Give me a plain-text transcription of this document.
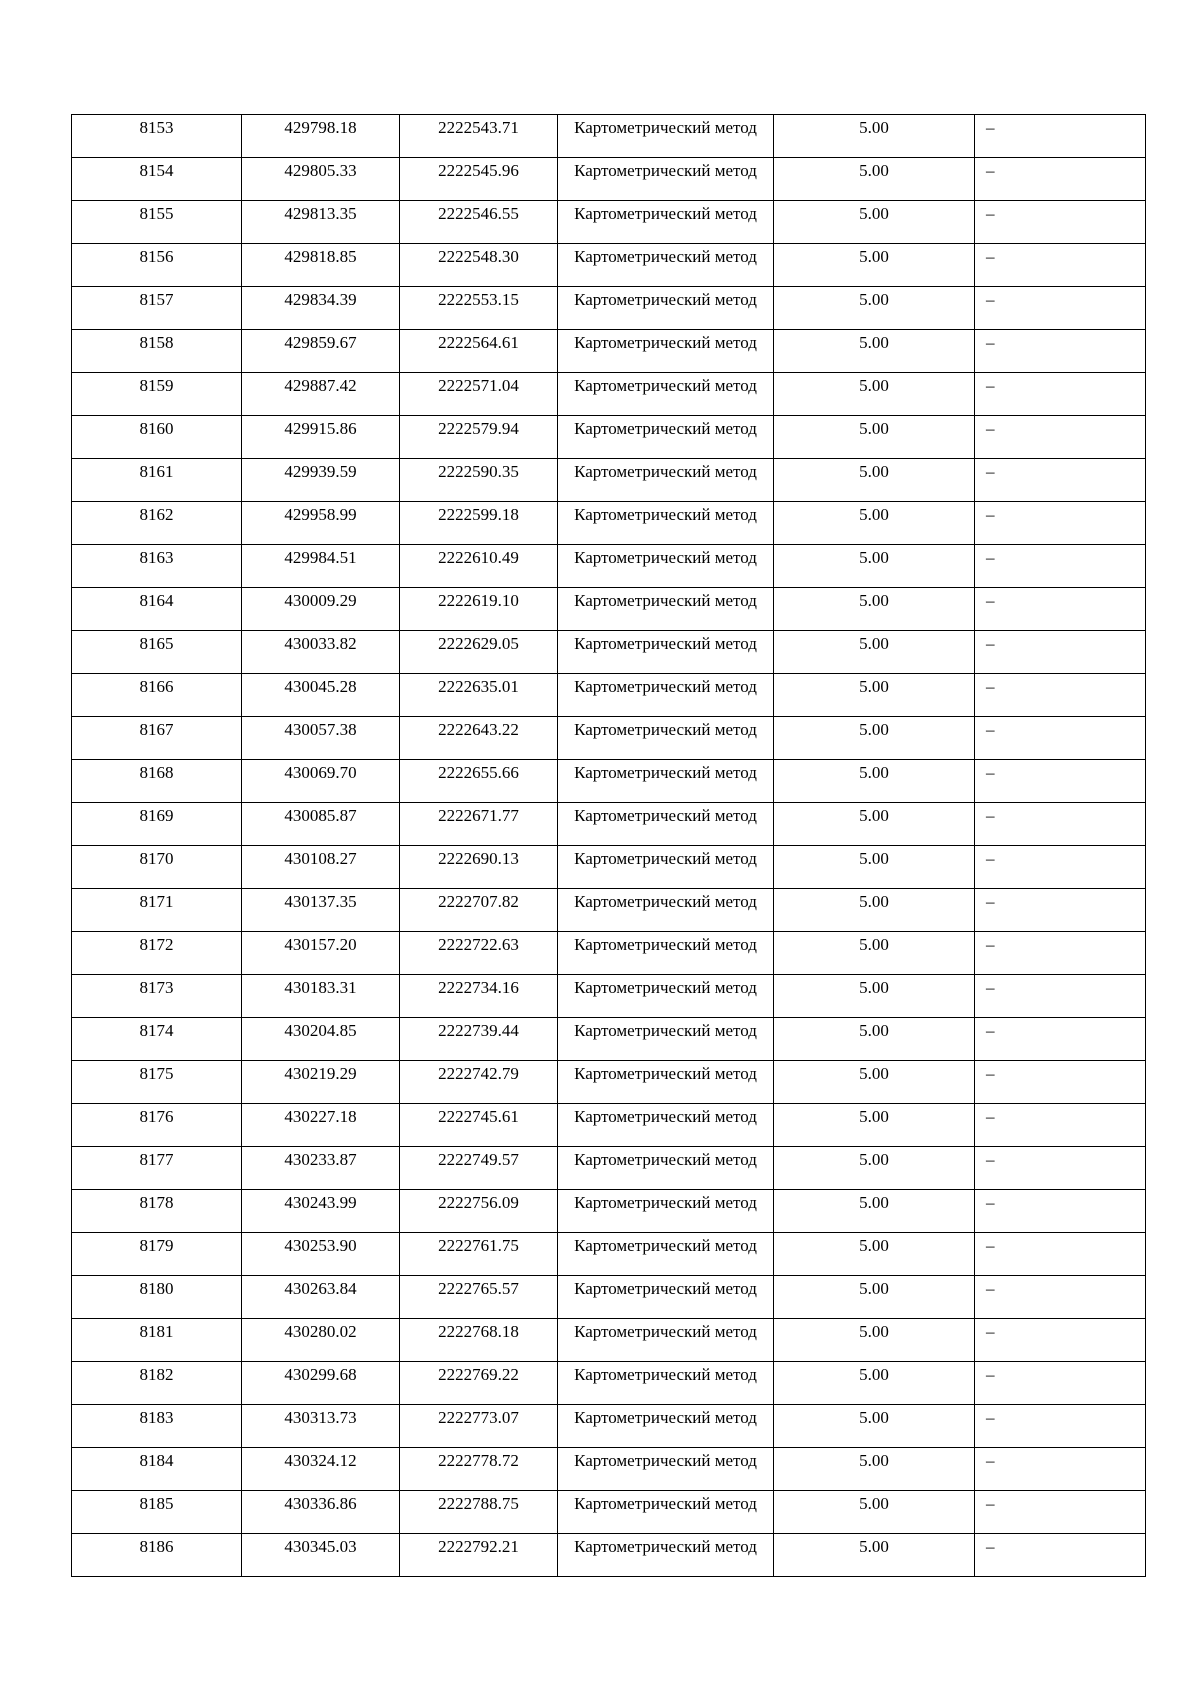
8153	429798.18	2222543.71	Картометрический метод	5.00	–

8154	429805.33	2222545.96	Картометрический метод	5.00	–

8155	429813.35	2222546.55	Картометрический метод	5.00	–

8156	429818.85	2222548.30	Картометрический метод	5.00	–

8157	429834.39	2222553.15	Картометрический метод	5.00	–

8158	429859.67	2222564.61	Картометрический метод	5.00	–

8159	429887.42	2222571.04	Картометрический метод	5.00	–

8160	429915.86	2222579.94	Картометрический метод	5.00	–

8161	429939.59	2222590.35	Картометрический метод	5.00	–

8162	429958.99	2222599.18	Картометрический метод	5.00	–

8163	429984.51	2222610.49	Картометрический метод	5.00	–

8164	430009.29	2222619.10	Картометрический метод	5.00	–

8165	430033.82	2222629.05	Картометрический метод	5.00	–

8166	430045.28	2222635.01	Картометрический метод	5.00	–

8167	430057.38	2222643.22	Картометрический метод	5.00	–

8168	430069.70	2222655.66	Картометрический метод	5.00	–

8169	430085.87	2222671.77	Картометрический метод	5.00	–

8170	430108.27	2222690.13	Картометрический метод	5.00	–

8171	430137.35	2222707.82	Картометрический метод	5.00	–

8172	430157.20	2222722.63	Картометрический метод	5.00	–

8173	430183.31	2222734.16	Картометрический метод	5.00	–

8174	430204.85	2222739.44	Картометрический метод	5.00	–

8175	430219.29	2222742.79	Картометрический метод	5.00	–

8176	430227.18	2222745.61	Картометрический метод	5.00	–

8177	430233.87	2222749.57	Картометрический метод	5.00	–

8178	430243.99	2222756.09	Картометрический метод	5.00	–

8179	430253.90	2222761.75	Картометрический метод	5.00	–

8180	430263.84	2222765.57	Картометрический метод	5.00	–

8181	430280.02	2222768.18	Картометрический метод	5.00	–

8182	430299.68	2222769.22	Картометрический метод	5.00	–

8183	430313.73	2222773.07	Картометрический метод	5.00	–

8184	430324.12	2222778.72	Картометрический метод	5.00	–

8185	430336.86	2222788.75	Картометрический метод	5.00	–

8186	430345.03	2222792.21	Картометрический метод	5.00	–
